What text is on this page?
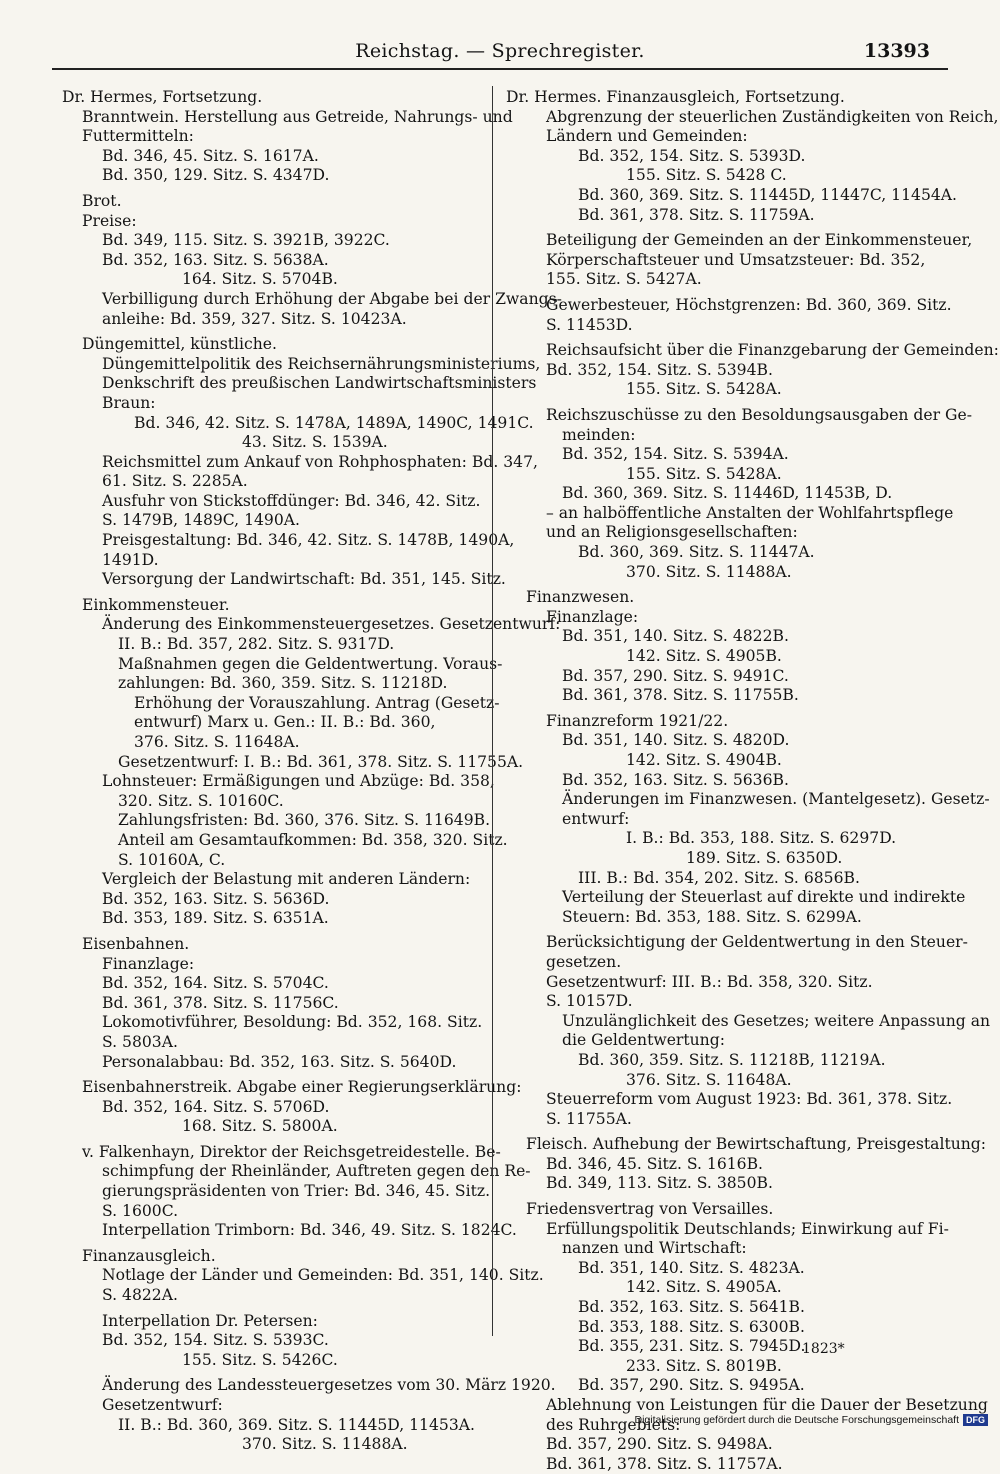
Reichstag. — Sprechregister.	13393
Dr. Hermes, Fortsetzung.
Branntwein. Herstellung aus Getreide, Nahrungs- und
Futtermitteln:
Bd. 346, 45. Sitz. S. 1617A.
Bd. 350, 129. Sitz. S. 4347D.
Brot.
Preise:
Bd. 349, 115. Sitz. S. 3921B, 3922C.
Bd. 352, 163. Sitz. S. 5638A.
164. Sitz. S. 5704B.
Verbilligung durch Erhöhung der Abgabe bei der Zwangs-
anleihe: Bd. 359, 327. Sitz. S. 10423A.
Düngemittel, künstliche.
Düngemittelpolitik des Reichsernährungsministeriums,
Denkschrift des preußischen Landwirtschaftsministers
Braun:
Bd. 346, 42. Sitz. S. 1478A, 1489A, 1490C, 1491C.
43. Sitz. S. 1539A.
Reichsmittel zum Ankauf von Rohphosphaten: Bd. 347,
61. Sitz. S. 2285A.
Ausfuhr von Stickstoffdünger: Bd. 346, 42. Sitz.
S. 1479B, 1489C, 1490A.
Preisgestaltung: Bd. 346, 42. Sitz. S. 1478B, 1490A,
1491D.
Versorgung der Landwirtschaft: Bd. 351, 145. Sitz.
Einkommensteuer.
Änderung des Einkommensteuergesetzes. Gesetzentwurf:
II. B.: Bd. 357, 282. Sitz. S. 9317D.
Maßnahmen gegen die Geldentwertung. Voraus-
zahlungen: Bd. 360, 359. Sitz. S. 11218D.
Erhöhung der Vorauszahlung. Antrag (Gesetz-
entwurf) Marx u. Gen.: II. B.: Bd. 360,
376. Sitz. S. 11648A.
Gesetzentwurf: I. B.: Bd. 361, 378. Sitz. S. 11755A.
Lohnsteuer: Ermäßigungen und Abzüge: Bd. 358,
320. Sitz. S. 10160C.
Zahlungsfristen: Bd. 360, 376. Sitz. S. 11649B.
Anteil am Gesamtaufkommen: Bd. 358, 320. Sitz.
S. 10160A, C.
Vergleich der Belastung mit anderen Ländern:
Bd. 352, 163. Sitz. S. 5636D.
Bd. 353, 189. Sitz. S. 6351A.
Eisenbahnen.
Finanzlage:
Bd. 352, 164. Sitz. S. 5704C.
Bd. 361, 378. Sitz. S. 11756C.
Lokomotivführer, Besoldung: Bd. 352, 168. Sitz.
S. 5803A.
Personalabbau: Bd. 352, 163. Sitz. S. 5640D.
Eisenbahnerstreik. Abgabe einer Regierungserklärung:
Bd. 352, 164. Sitz. S. 5706D.
168. Sitz. S. 5800A.
v. Falkenhayn, Direktor der Reichsgetreidestelle. Be-
schimpfung der Rheinländer, Auftreten gegen den Re-
gierungspräsidenten von Trier: Bd. 346, 45. Sitz.
S. 1600C.
Interpellation Trimborn: Bd. 346, 49. Sitz. S. 1824C.
Finanzausgleich.
Notlage der Länder und Gemeinden: Bd. 351, 140. Sitz.
S. 4822A.
Interpellation Dr. Petersen:
Bd. 352, 154. Sitz. S. 5393C.
155. Sitz. S. 5426C.
Änderung des Landessteuergesetzes vom 30. März 1920.
Gesetzentwurf:
II. B.: Bd. 360, 369. Sitz. S. 11445D, 11453A.
370. Sitz. S. 11488A.
Dr. Hermes. Finanzausgleich, Fortsetzung.
Abgrenzung der steuerlichen Zuständigkeiten von Reich,
Ländern und Gemeinden:
Bd. 352, 154. Sitz. S. 5393D.
155. Sitz. S. 5428 C.
Bd. 360, 369. Sitz. S. 11445D, 11447C, 11454A.
Bd. 361, 378. Sitz. S. 11759A.
Beteiligung der Gemeinden an der Einkommensteuer,
Körperschaftsteuer und Umsatzsteuer: Bd. 352,
155. Sitz. S. 5427A.
Gewerbesteuer, Höchstgrenzen: Bd. 360, 369. Sitz.
S. 11453D.
Reichsaufsicht über die Finanzgebarung der Gemeinden:
Bd. 352, 154. Sitz. S. 5394B.
155. Sitz. S. 5428A.
Reichszuschüsse zu den Besoldungsausgaben der Ge-
meinden:
Bd. 352, 154. Sitz. S. 5394A.
155. Sitz. S. 5428A.
Bd. 360, 369. Sitz. S. 11446D, 11453B, D.
– an halböffentliche Anstalten der Wohlfahrtspflege
und an Religionsgesellschaften:
Bd. 360, 369. Sitz. S. 11447A.
370. Sitz. S. 11488A.
Finanzwesen.
Finanzlage:
Bd. 351, 140. Sitz. S. 4822B.
142. Sitz. S. 4905B.
Bd. 357, 290. Sitz. S. 9491C.
Bd. 361, 378. Sitz. S. 11755B.
Finanzreform 1921/22.
Bd. 351, 140. Sitz. S. 4820D.
142. Sitz. S. 4904B.
Bd. 352, 163. Sitz. S. 5636B.
Änderungen im Finanzwesen. (Mantelgesetz). Gesetz-
entwurf:
I. B.: Bd. 353, 188. Sitz. S. 6297D.
189. Sitz. S. 6350D.
III. B.: Bd. 354, 202. Sitz. S. 6856B.
Verteilung der Steuerlast auf direkte und indirekte
Steuern: Bd. 353, 188. Sitz. S. 6299A.
Berücksichtigung der Geldentwertung in den Steuer-
gesetzen.
Gesetzentwurf: III. B.: Bd. 358, 320. Sitz.
S. 10157D.
Unzulänglichkeit des Gesetzes; weitere Anpassung an
die Geldentwertung:
Bd. 360, 359. Sitz. S. 11218B, 11219A.
376. Sitz. S. 11648A.
Steuerreform vom August 1923: Bd. 361, 378. Sitz.
S. 11755A.
Fleisch. Aufhebung der Bewirtschaftung, Preisgestaltung:
Bd. 346, 45. Sitz. S. 1616B.
Bd. 349, 113. Sitz. S. 3850B.
Friedensvertrag von Versailles.
Erfüllungspolitik Deutschlands; Einwirkung auf Fi-
nanzen und Wirtschaft:
Bd. 351, 140. Sitz. S. 4823A.
142. Sitz. S. 4905A.
Bd. 352, 163. Sitz. S. 5641B.
Bd. 353, 188. Sitz. S. 6300B.
Bd. 355, 231. Sitz. S. 7945D.
233. Sitz. S. 8019B.
Bd. 357, 290. Sitz. S. 9495A.
Ablehnung von Leistungen für die Dauer der Besetzung
des Ruhrgebiets:
Bd. 357, 290. Sitz. S. 9498A.
Bd. 361, 378. Sitz. S. 11757A.
1823*
Digitalisierung gefördert durch die Deutsche Forschungsgemeinschaft DFG
